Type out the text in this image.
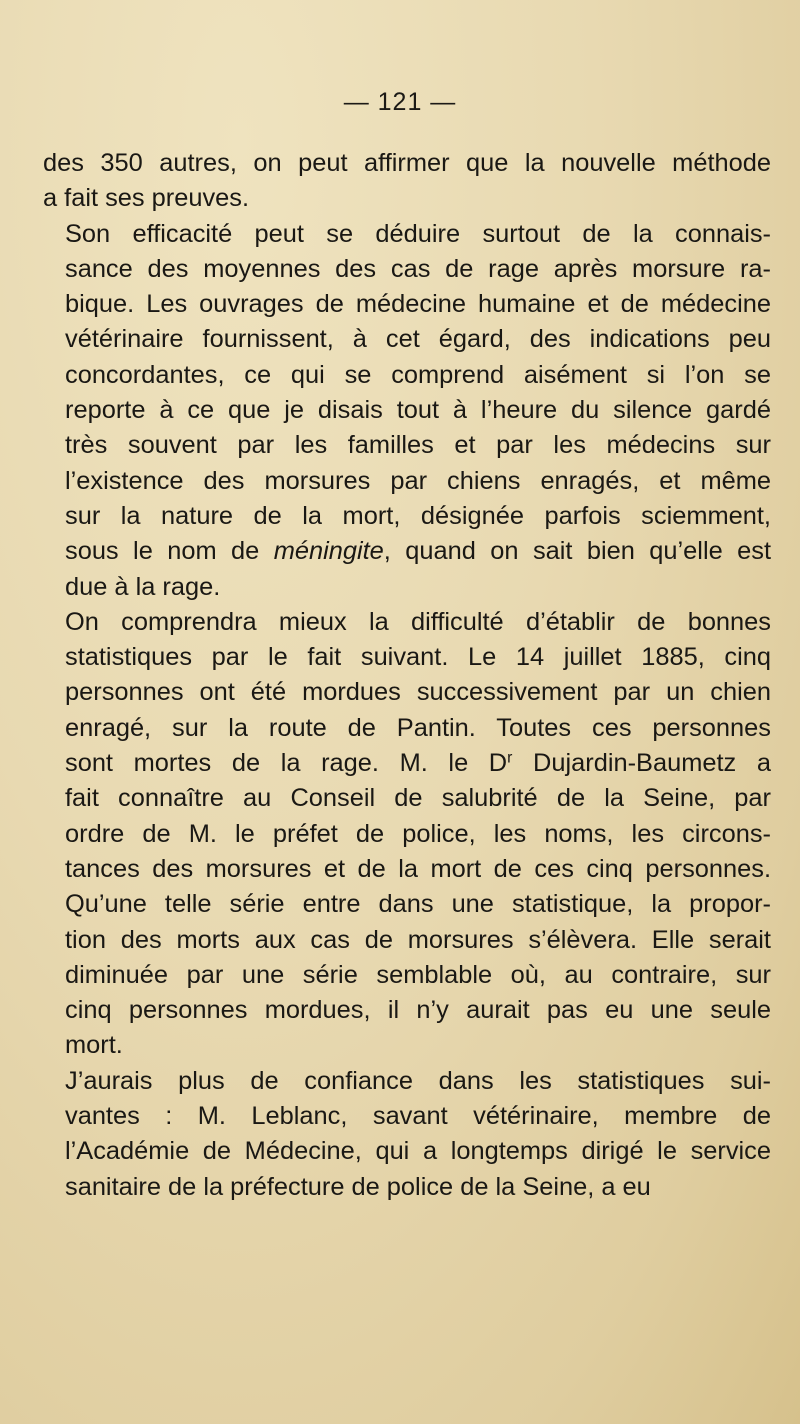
— 121 —

des 350 autres, on peut affirmer que la nouvelle méthode
a fait ses preuves.

Son efficacité peut se déduire surtout de la connais-
sance des moyennes des cas de rage après morsure ra-
bique. Les ouvrages de médecine humaine et de médecine
vétérinaire fournissent, à cet égard, des indications peu
concordantes, ce qui se comprend aisément si l’on se
reporte à ce que je disais tout à l’heure du silence gardé
très souvent par les familles et par les médecins sur
l’existence des morsures par chiens enragés, et même
sur la nature de la mort, désignée parfois sciemment,
sous le nom de méningite, quand on sait bien qu’elle est
due à la rage.

On comprendra mieux la difficulté d’établir de bonnes
statistiques par le fait suivant. Le 14 juillet 1885, cinq
personnes ont été mordues successivement par un chien
enragé, sur la route de Pantin. Toutes ces personnes
sont mortes de la rage. M. le $D^r$ Dujardin-Baumetz a
fait connaître au Conseil de salubrité de la Seine, par
ordre de M. le préfet de police, les noms, les circons-
tances des morsures et de la mort de ces cinq personnes.
Qu’une telle série entre dans une statistique, la propor-
tion des morts aux cas de morsures s’élèvera. Elle serait
diminuée par une série semblable où, au contraire, sur
cinq personnes mordues, il n’y aurait pas eu une seule
mort.

J’aurais plus de confiance dans les statistiques sui-
vantes : M. Leblanc, savant vétérinaire, membre de
l’Académie de Médecine, qui a longtemps dirigé le service
sanitaire de la préfecture de police de la Seine, a eu
